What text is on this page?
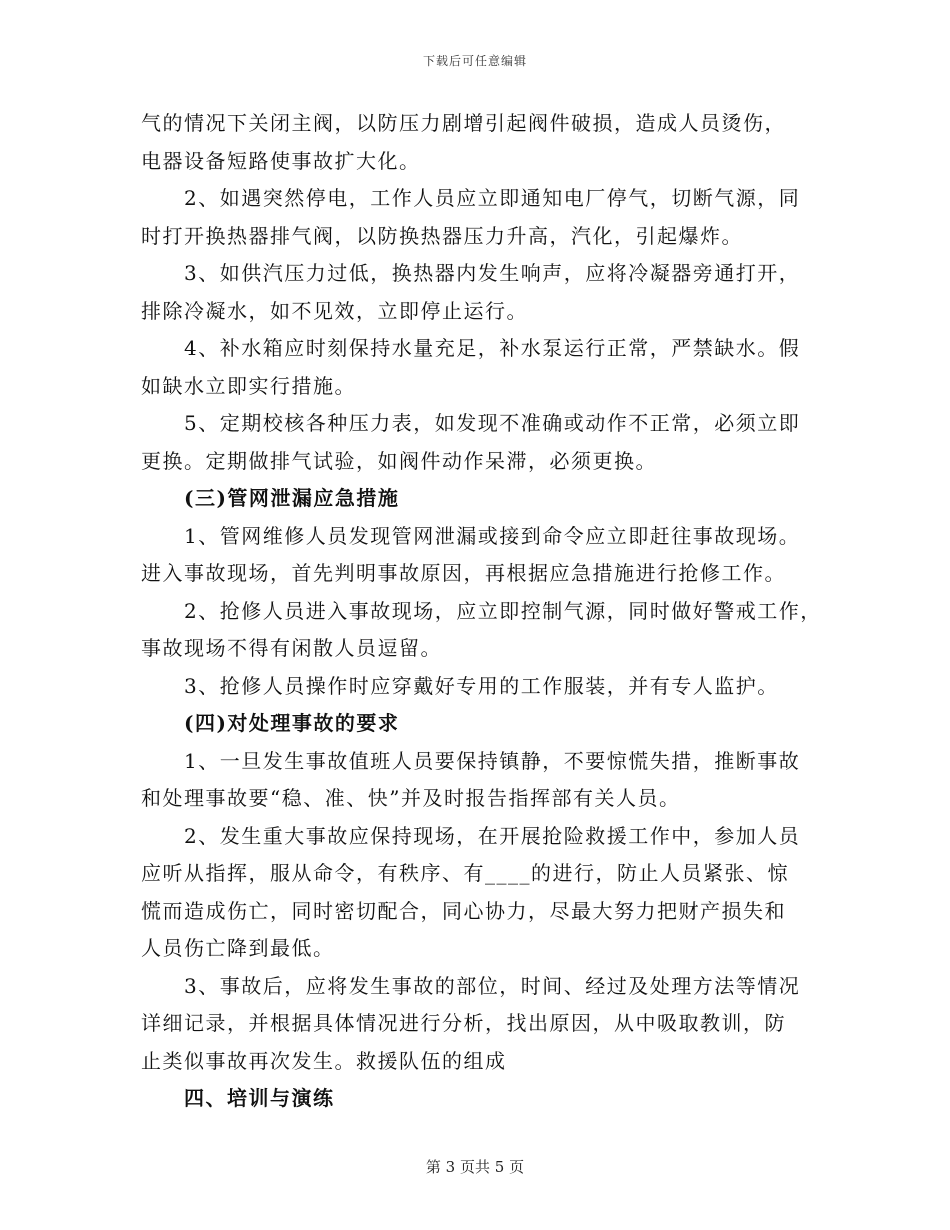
下载后可任意编辑
气的情况下关闭主阀，以防压力剧增引起阀件破损，造成人员烫伤，
电器设备短路使事故扩大化。
2、如遇突然停电，工作人员应立即通知电厂停气，切断气源，同
时打开换热器排气阀，以防换热器压力升高，汽化，引起爆炸。
3、如供汽压力过低，换热器内发生响声，应将冷凝器旁通打开，
排除冷凝水，如不见效，立即停止运行。
4、补水箱应时刻保持水量充足，补水泵运行正常，严禁缺水。假
如缺水立即实行措施。
5、定期校核各种压力表，如发现不准确或动作不正常，必须立即
更换。定期做排气试验，如阀件动作呆滞，必须更换。
(三)管网泄漏应急措施
1、管网维修人员发现管网泄漏或接到命令应立即赶往事故现场。
进入事故现场，首先判明事故原因，再根据应急措施进行抢修工作。
2、抢修人员进入事故现场，应立即控制气源，同时做好警戒工作，
事故现场不得有闲散人员逗留。
3、抢修人员操作时应穿戴好专用的工作服装，并有专人监护。
(四)对处理事故的要求
1、一旦发生事故值班人员要保持镇静，不要惊慌失措，推断事故
和处理事故要“稳、准、快”并及时报告指挥部有关人员。
2、发生重大事故应保持现场，在开展抢险救援工作中，参加人员
应听从指挥，服从命令，有秩序、有____的进行，防止人员紧张、惊
慌而造成伤亡，同时密切配合，同心协力，尽最大努力把财产损失和
人员伤亡降到最低。
3、事故后，应将发生事故的部位，时间、经过及处理方法等情况
详细记录，并根据具体情况进行分析，找出原因，从中吸取教训，防
止类似事故再次发生。救援队伍的组成
四、培训与演练
第 3 页共 5 页
